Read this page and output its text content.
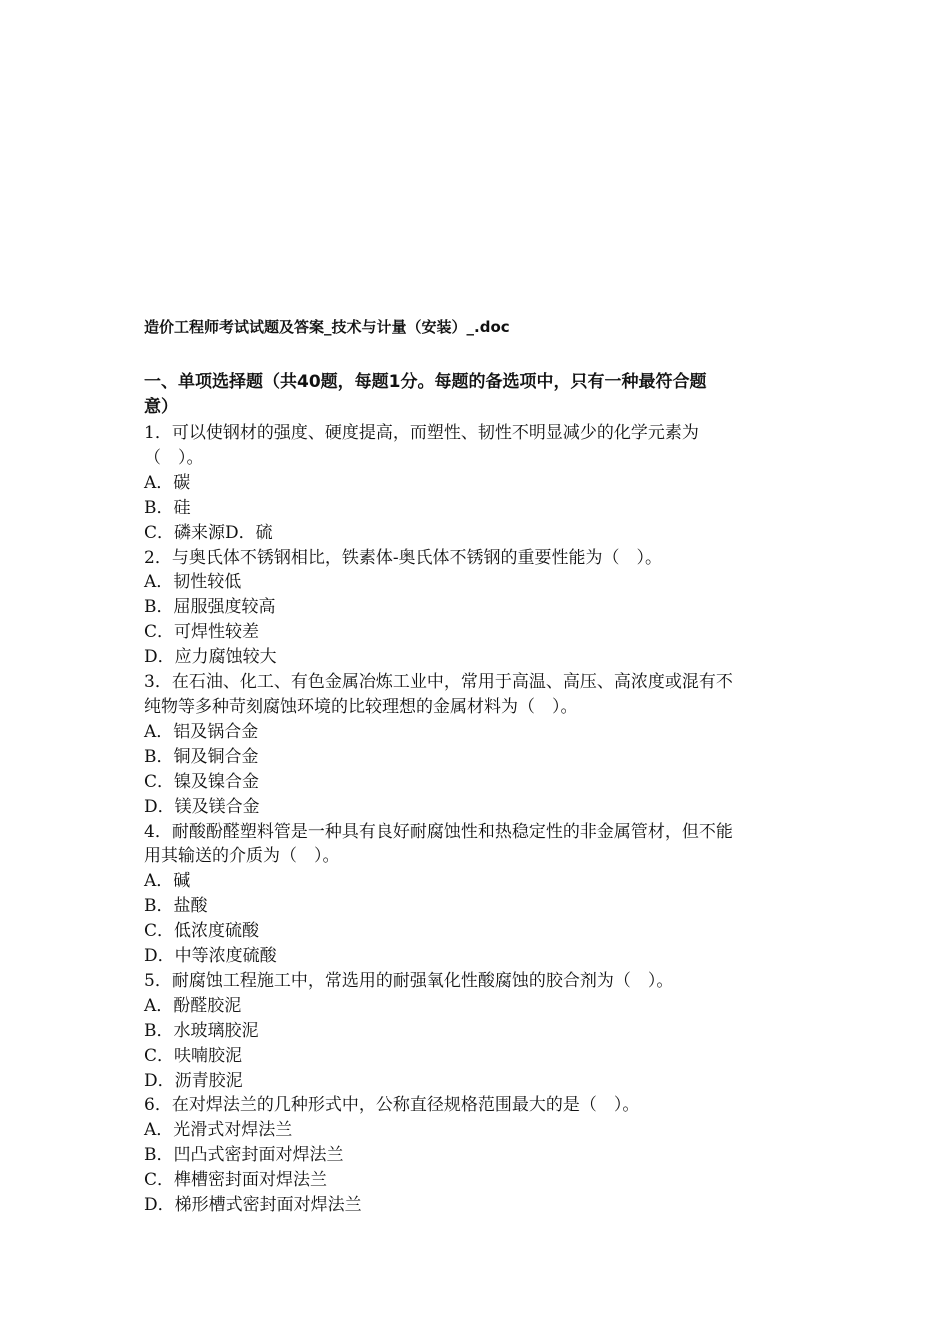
造价工程师考试试题及答案_技术与计量（安装）_.doc
一、单项选择题（共40题，每题1分。每题的备选项中，只有一种最符合题
意）
1．可以使钢材的强度、硬度提高，而塑性、韧性不明显减少的化学元素为
（　）。
A．碳
B．硅
C．磷来源D．硫
2．与奥氏体不锈钢相比，铁素体-奥氏体不锈钢的重要性能为（　）。
A．韧性较低
B．屈服强度较高
C．可焊性较差
D．应力腐蚀较大
3．在石油、化工、有色金属冶炼工业中，常用于高温、高压、高浓度或混有不
纯物等多种苛刻腐蚀环境的比较理想的金属材料为（　）。
A．铝及锅合金
B．铜及铜合金
C．镍及镍合金
D．镁及镁合金
4．耐酸酚醛塑料管是一种具有良好耐腐蚀性和热稳定性的非金属管材，但不能
用其输送的介质为（　）。
A．碱
B．盐酸
C．低浓度硫酸
D．中等浓度硫酸
5．耐腐蚀工程施工中，常选用的耐强氧化性酸腐蚀的胶合剂为（　）。
A．酚醛胶泥
B．水玻璃胶泥
C．呋喃胶泥
D．沥青胶泥
6．在对焊法兰的几种形式中，公称直径规格范围最大的是（　）。
A．光滑式对焊法兰
B．凹凸式密封面对焊法兰
C．榫槽密封面对焊法兰
D．梯形槽式密封面对焊法兰
